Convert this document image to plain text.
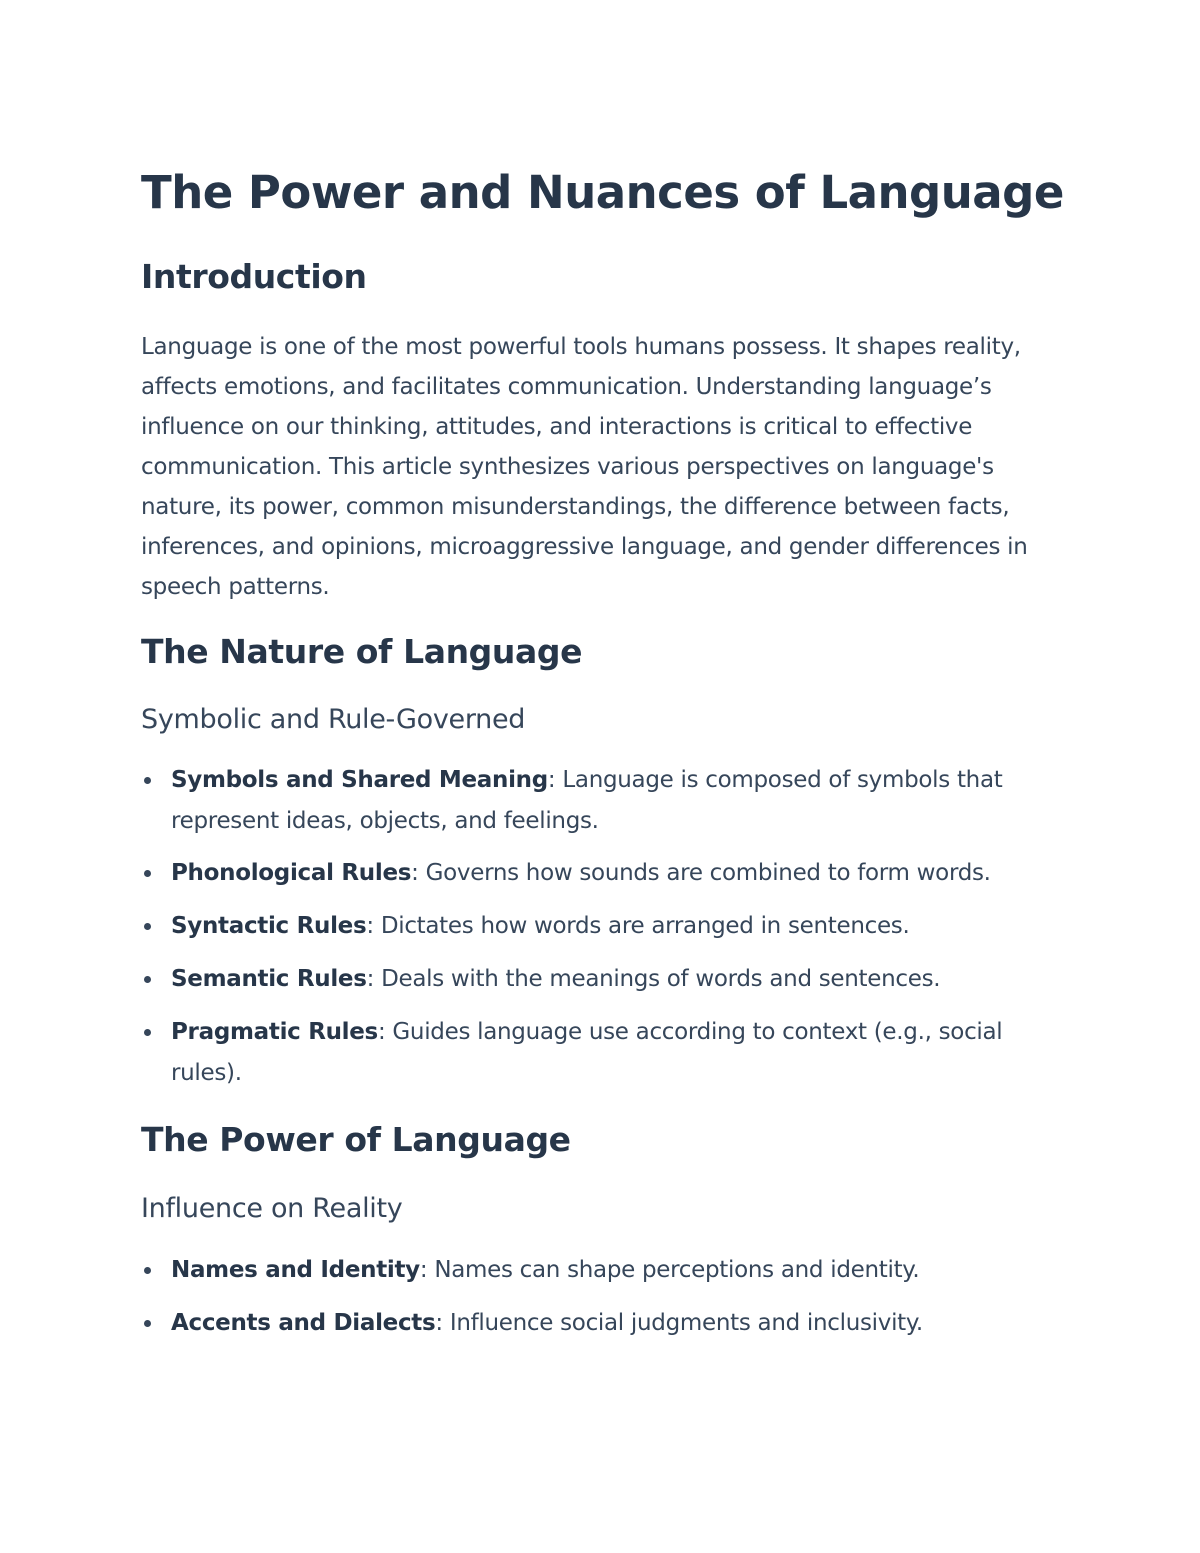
The Power and Nuances of Language
Introduction

Language is one of the most powerful tools humans possess. It shapes reality, affects emotions, and facilitates communication. Understanding language’s influence on our thinking, attitudes, and interactions is critical to effective communication. This article synthesizes various perspectives on language's nature, its power, common misunderstandings, the difference between facts, inferences, and opinions, microaggressive language, and gender differences in speech patterns.

The Nature of Language
Symbolic and Rule-Governed
Symbols and Shared Meaning: Language is composed of symbols that represent ideas, objects, and feelings.
Phonological Rules: Governs how sounds are combined to form words.
Syntactic Rules: Dictates how words are arranged in sentences.
Semantic Rules: Deals with the meanings of words and sentences.
Pragmatic Rules: Guides language use according to context (e.g., social rules).
The Power of Language
Influence on Reality
Names and Identity: Names can shape perceptions and identity.
Accents and Dialects: Influence social judgments and inclusivity.
